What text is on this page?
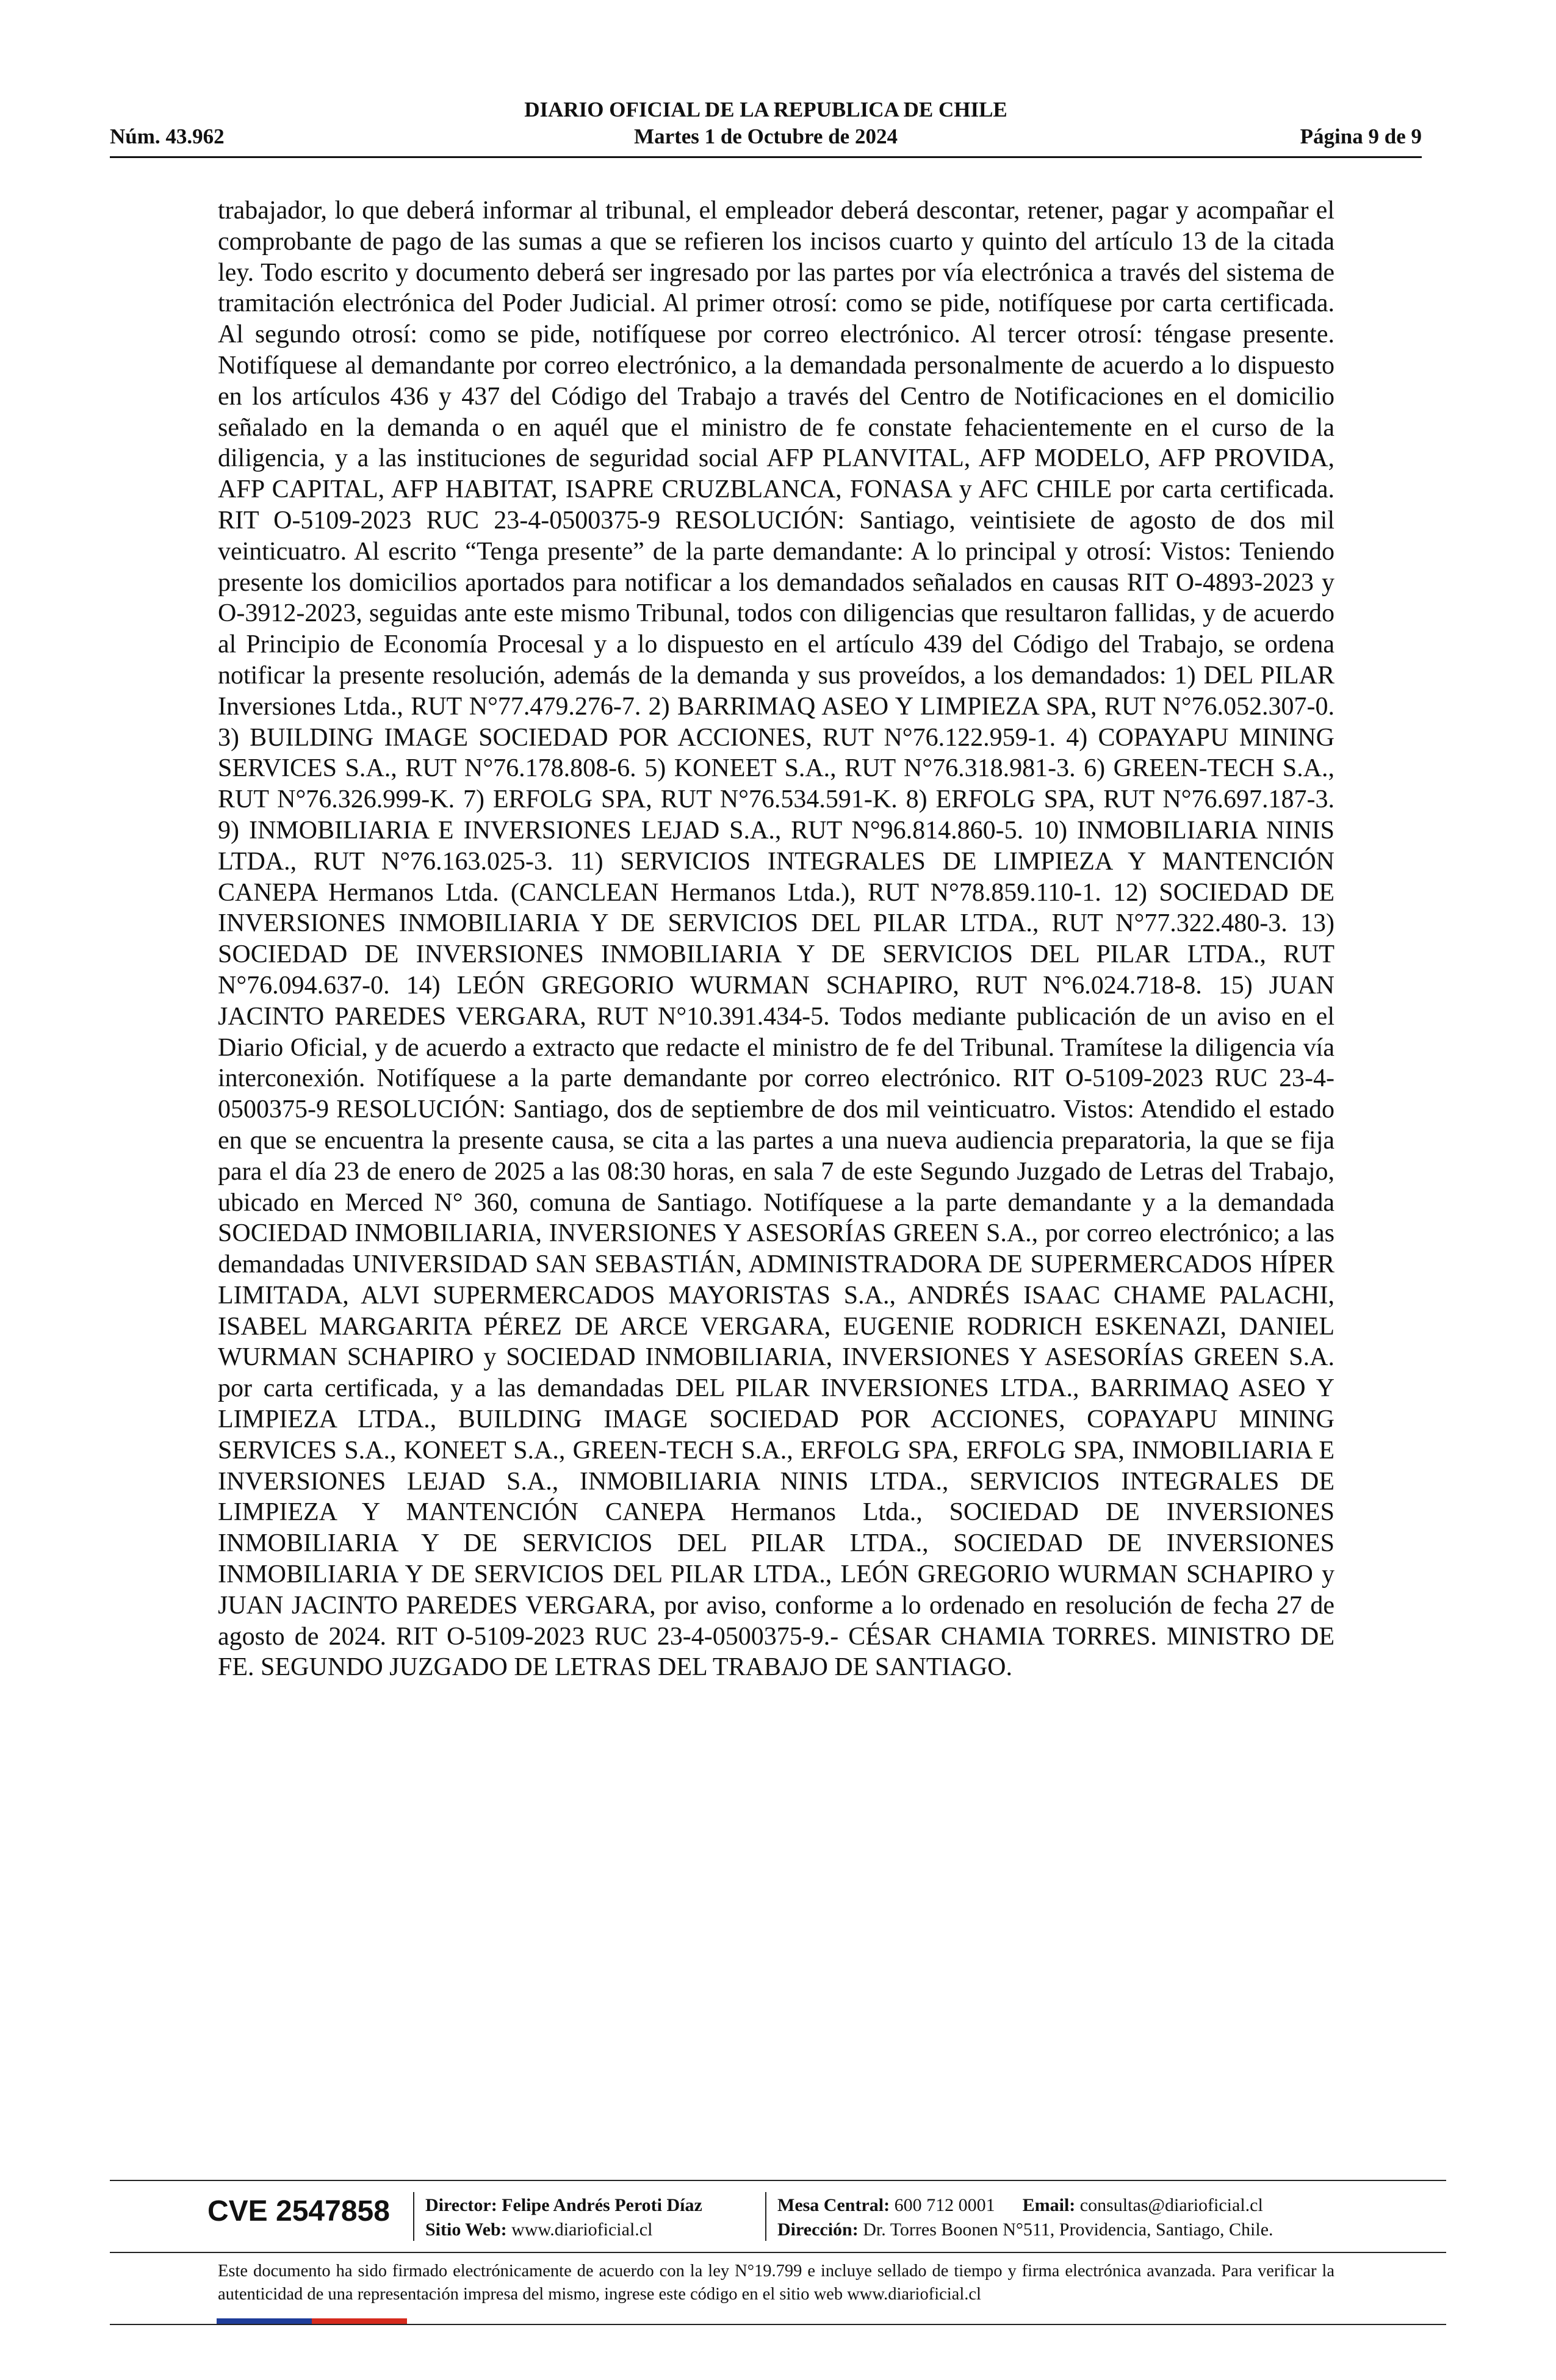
DIARIO OFICIAL DE LA REPUBLICA DE CHILE
Núm. 43.962	Martes 1 de Octubre de 2024	Página 9 de 9
trabajador, lo que deberá informar al tribunal, el empleador deberá descontar, retener, pagar y acompañar el comprobante de pago de las sumas a que se refieren los incisos cuarto y quinto del artículo 13 de la citada ley. Todo escrito y documento deberá ser ingresado por las partes por vía electrónica a través del sistema de tramitación electrónica del Poder Judicial. Al primer otrosí: como se pide, notifíquese por carta certificada. Al segundo otrosí: como se pide, notifíquese por correo electrónico. Al tercer otrosí: téngase presente. Notifíquese al demandante por correo electrónico, a la demandada personalmente de acuerdo a lo dispuesto en los artículos 436 y 437 del Código del Trabajo a través del Centro de Notificaciones en el domicilio señalado en la demanda o en aquél que el ministro de fe constate fehacientemente en el curso de la diligencia, y a las instituciones de seguridad social AFP PLANVITAL, AFP MODELO, AFP PROVIDA, AFP CAPITAL, AFP HABITAT, ISAPRE CRUZBLANCA, FONASA y AFC CHILE por carta certificada. RIT O-5109-2023 RUC 23-4-0500375-9 RESOLUCIÓN: Santiago, veintisiete de agosto de dos mil veinticuatro. Al escrito “Tenga presente” de la parte demandante: A lo principal y otrosí: Vistos: Teniendo presente los domicilios aportados para notificar a los demandados señalados en causas RIT O-4893-2023 y O-3912-2023, seguidas ante este mismo Tribunal, todos con diligencias que resultaron fallidas, y de acuerdo al Principio de Economía Procesal y a lo dispuesto en el artículo 439 del Código del Trabajo, se ordena notificar la presente resolución, además de la demanda y sus proveídos, a los demandados: 1) DEL PILAR Inversiones Ltda., RUT N°77.479.276-7. 2) BARRIMAQ ASEO Y LIMPIEZA SPA, RUT N°76.052.307-0. 3) BUILDING IMAGE SOCIEDAD POR ACCIONES, RUT N°76.122.959-1. 4) COPAYAPU MINING SERVICES S.A., RUT N°76.178.808-6. 5) KONEET S.A., RUT N°76.318.981-3. 6) GREEN-TECH S.A., RUT N°76.326.999-K. 7) ERFOLG SPA, RUT N°76.534.591-K. 8) ERFOLG SPA, RUT N°76.697.187-3. 9) INMOBILIARIA E INVERSIONES LEJAD S.A., RUT N°96.814.860-5. 10) INMOBILIARIA NINIS LTDA., RUT N°76.163.025-3. 11) SERVICIOS INTEGRALES DE LIMPIEZA Y MANTENCIÓN CANEPA Hermanos Ltda. (CANCLEAN Hermanos Ltda.), RUT N°78.859.110-1. 12) SOCIEDAD DE INVERSIONES INMOBILIARIA Y DE SERVICIOS DEL PILAR LTDA., RUT N°77.322.480-3. 13) SOCIEDAD DE INVERSIONES INMOBILIARIA Y DE SERVICIOS DEL PILAR LTDA., RUT N°76.094.637-0. 14) LEÓN GREGORIO WURMAN SCHAPIRO, RUT N°6.024.718-8. 15) JUAN JACINTO PAREDES VERGARA, RUT N°10.391.434-5. Todos mediante publicación de un aviso en el Diario Oficial, y de acuerdo a extracto que redacte el ministro de fe del Tribunal. Tramítese la diligencia vía interconexión. Notifíquese a la parte demandante por correo electrónico. RIT O-5109-2023 RUC 23-4-0500375-9 RESOLUCIÓN: Santiago, dos de septiembre de dos mil veinticuatro. Vistos: Atendido el estado en que se encuentra la presente causa, se cita a las partes a una nueva audiencia preparatoria, la que se fija para el día 23 de enero de 2025 a las 08:30 horas, en sala 7 de este Segundo Juzgado de Letras del Trabajo, ubicado en Merced N° 360, comuna de Santiago. Notifíquese a la parte demandante y a la demandada SOCIEDAD INMOBILIARIA, INVERSIONES Y ASESORÍAS GREEN S.A., por correo electrónico; a las demandadas UNIVERSIDAD SAN SEBASTIÁN, ADMINISTRADORA DE SUPERMERCADOS HÍPER LIMITADA, ALVI SUPERMERCADOS MAYORISTAS S.A., ANDRÉS ISAAC CHAME PALACHI, ISABEL MARGARITA PÉREZ DE ARCE VERGARA, EUGENIE RODRICH ESKENAZI, DANIEL WURMAN SCHAPIRO y SOCIEDAD INMOBILIARIA, INVERSIONES Y ASESORÍAS GREEN S.A. por carta certificada, y a las demandadas DEL PILAR INVERSIONES LTDA., BARRIMAQ ASEO Y LIMPIEZA LTDA., BUILDING IMAGE SOCIEDAD POR ACCIONES, COPAYAPU MINING SERVICES S.A., KONEET S.A., GREEN-TECH S.A., ERFOLG SPA, ERFOLG SPA, INMOBILIARIA E INVERSIONES LEJAD S.A., INMOBILIARIA NINIS LTDA., SERVICIOS INTEGRALES DE LIMPIEZA Y MANTENCIÓN CANEPA Hermanos Ltda., SOCIEDAD DE INVERSIONES INMOBILIARIA Y DE SERVICIOS DEL PILAR LTDA., SOCIEDAD DE INVERSIONES INMOBILIARIA Y DE SERVICIOS DEL PILAR LTDA., LEÓN GREGORIO WURMAN SCHAPIRO y JUAN JACINTO PAREDES VERGARA, por aviso, conforme a lo ordenado en resolución de fecha 27 de agosto de 2024. RIT O-5109-2023 RUC 23-4-0500375-9.- CÉSAR CHAMIA TORRES. MINISTRO DE FE. SEGUNDO JUZGADO DE LETRAS DEL TRABAJO DE SANTIAGO.
CVE 2547858 Director: Felipe Andrés Peroti Díaz
Sitio Web: www.diarioficial.cl
Mesa Central: 600 712 0001 Email: consultas@diarioficial.cl
Dirección: Dr. Torres Boonen N°511, Providencia, Santiago, Chile.
Este documento ha sido firmado electrónicamente de acuerdo con la ley N°19.799 e incluye sellado de tiempo y firma electrónica avanzada. Para verificar la autenticidad de una representación impresa del mismo, ingrese este código en el sitio web www.diarioficial.cl
